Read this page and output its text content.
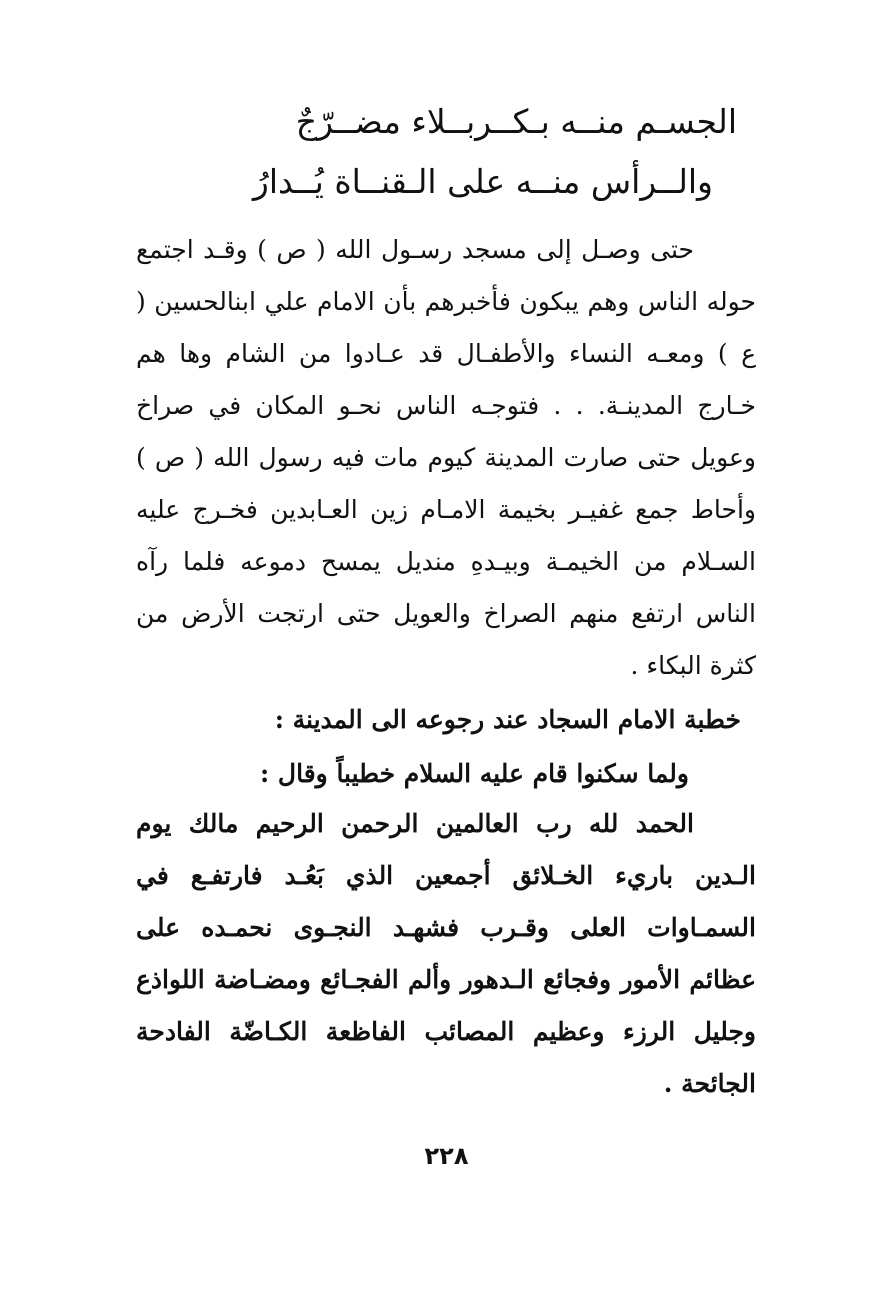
الجسـم منــه بـكــربــلاء مضــرّجٌ
والــرأس منــه على الـقنــاة يُــدارُ
حتى وصـل إلى مسجد رسـول الله ( ص ) وقـد اجتمع حوله الناس وهم يبكون فأخبرهم بأن الامام علي ابنالحسين ( ع ) ومعـه النساء والأطفـال قد عـادوا من الشام وها هم خـارج المدينـة. . . فتوجـه الناس نحـو المكان في صراخ وعويل حتى صارت المدينة كيوم مات فيه رسول الله ( ص ) وأحاط جمع غفيـر بخيمة الامـام زين العـابدين فخـرج عليه السـلام من الخيمـة وبيـدهِ منديل يمسح دموعه فلما رآه الناس ارتفع منهم الصراخ والعويل حتى ارتجت الأرض من كثرة البكاء .
خطبة الامام السجاد عند رجوعه الى المدينة :
ولما سكنوا قام عليه السلام خطيباً وقال :
الحمد لله رب العالمين الرحمن الرحيم مالك يوم الـدين باريء الخـلائق أجمعين الذي بَعُـد فارتفـع في السمـاوات العلى وقـرب فشهـد النجـوى نحمـده على عظائم الأمور وفجائع الـدهور وألم الفجـائع ومضـاضة اللواذع وجليل الرزء وعظيم المصائب الفاظعة الكـاضّة الفادحة الجائحة .
٢٢٨
